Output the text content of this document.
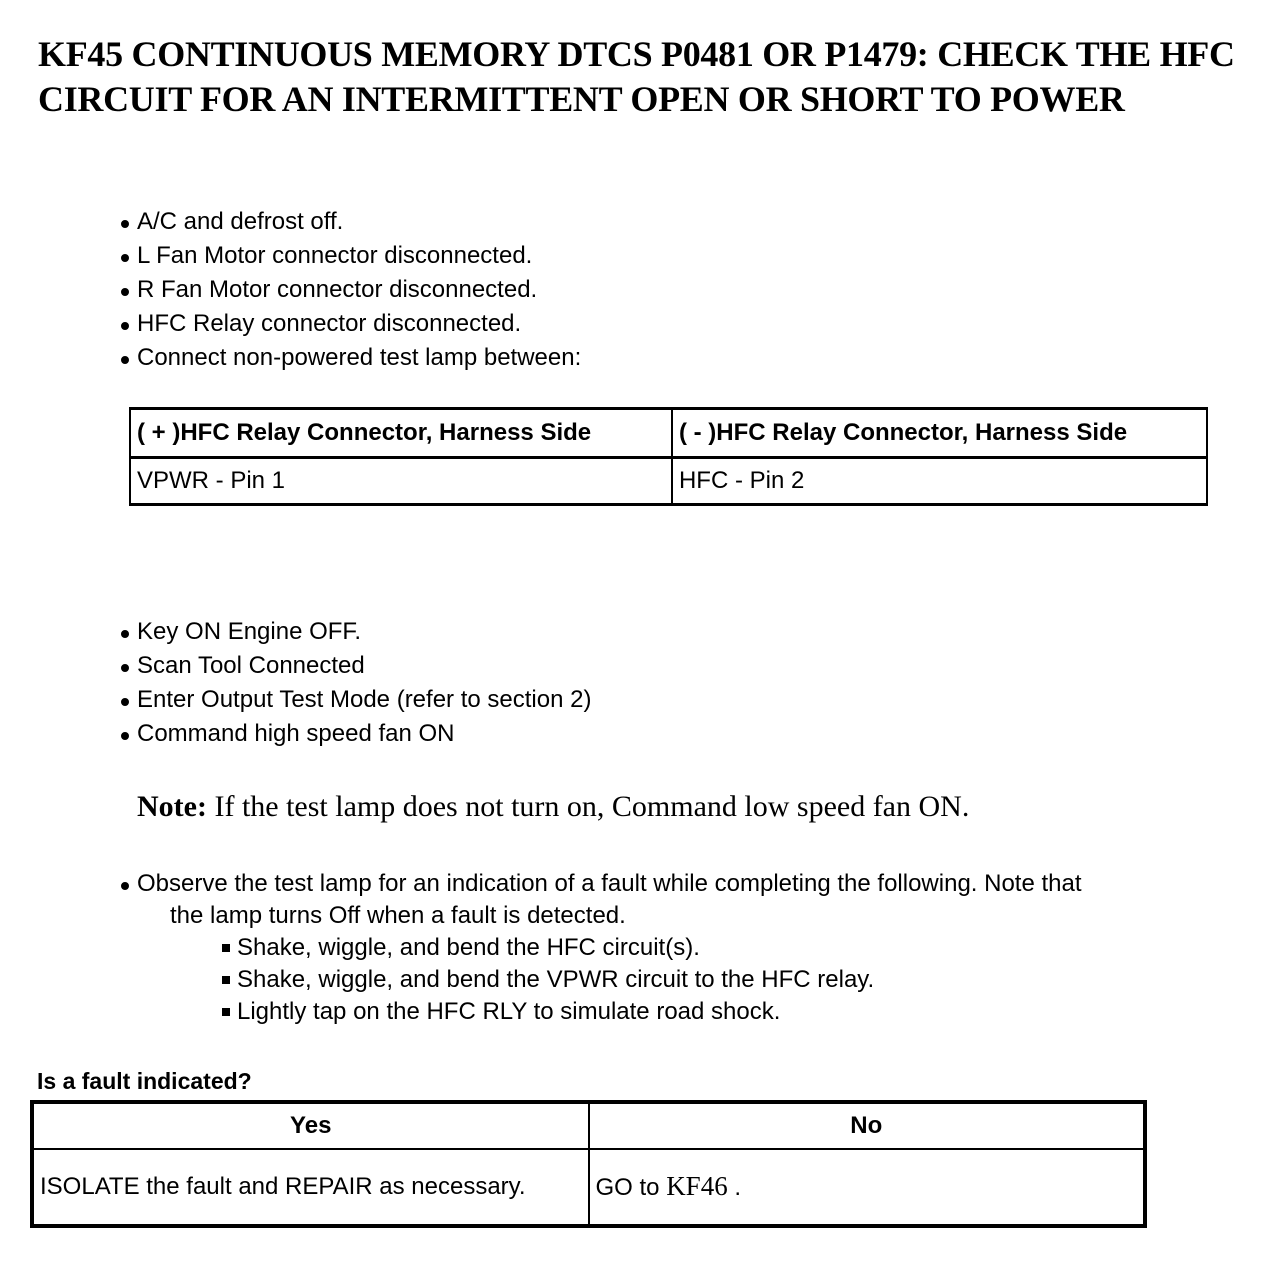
KF45 CONTINUOUS MEMORY DTCS P0481 OR P1479: CHECK THE HFC CIRCUIT FOR AN INTERMITTENT OPEN OR SHORT TO POWER
A/C and defrost off.
L Fan Motor connector disconnected.
R Fan Motor connector disconnected.
HFC Relay connector disconnected.
Connect non-powered test lamp between:
( + )HFC Relay Connector, Harness Side	( - )HFC Relay Connector, Harness Side
VPWR - Pin 1	HFC - Pin 2
Key ON Engine OFF.
Scan Tool Connected
Enter Output Test Mode (refer to section 2)
Command high speed fan ON
Note: If the test lamp does not turn on, Command low speed fan ON.
Observe the test lamp for an indication of a fault while completing the following. Note that
the lamp turns Off when a fault is detected.
Shake, wiggle, and bend the HFC circuit(s).
Shake, wiggle, and bend the VPWR circuit to the HFC relay.
Lightly tap on the HFC RLY to simulate road shock.
Is a fault indicated?
Yes	No
ISOLATE the fault and REPAIR as necessary.	GO to KF46 .
